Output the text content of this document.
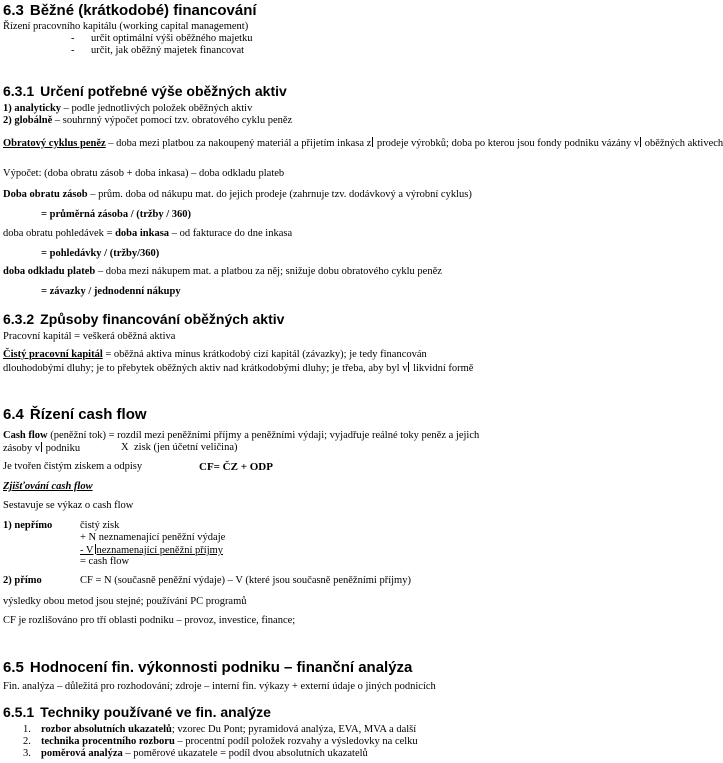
6.3 Běžné (krátkodobé) financování
Řízení pracovního kapitálu (working capital management)
- určit optimální výši oběžného majetku
- určit, jak oběžný majetek financovat
6.3.1 Určení potřebné výše oběžných aktiv
1) analyticky – podle jednotlivých položek oběžných aktiv
2) globálně – souhrnný výpočet pomocí tzv. obratového cyklu peněz
Obratový cyklus peněz – doba mezi platbou za nakoupený materiál a přijetím inkasa z prodeje výrobků; doba po kterou jsou fondy podniku vázány v oběžných aktivech
Výpočet: (doba obratu zásob + doba inkasa) – doba odkladu plateb
Doba obratu zásob – prům. doba od nákupu mat. do jejich prodeje (zahrnuje tzv. dodávkový a výrobní cyklus)
= průměrná zásoba / (tržby / 360)
doba obratu pohledávek = doba inkasa – od fakturace do dne inkasa
= pohledávky / (tržby/360)
doba odkladu plateb – doba mezi nákupem mat. a platbou za něj; snižuje dobu obratového cyklu peněz
= závazky / jednodenní nákupy
6.3.2 Způsoby financování oběžných aktiv
Pracovní kapitál = veškerá oběžná aktiva
Čistý pracovní kapitál = oběžná aktiva minus krátkodobý cizí kapitál (závazky); je tedy financován
dlouhodobými dluhy; je to přebytek oběžných aktiv nad krátkodobými dluhy; je třeba, aby byl v likvidní formě
6.4 Řízení cash flow
Cash flow (peněžní tok) = rozdíl mezi peněžními příjmy a peněžními výdaji; vyjadřuje reálné toky peněz a jejich
zásoby v podniku	X zisk (jen účetní veličina)
Je tvořen čistým ziskem a odpisy	CF= ČZ + ODP
Zjišťování cash flow
Sestavuje se výkaz o cash flow
1) nepřímo	čistý zisk
+ N neznamenající peněžní výdaje
- V neznamenající peněžní příjmy
= cash flow
2) přímo	CF = N (současně peněžní výdaje) – V (které jsou současně peněžními příjmy)
výsledky obou metod jsou stejné; používání PC programů
CF je rozlišováno pro tří oblasti podniku – provoz, investice, finance;
6.5 Hodnocení fin. výkonnosti podniku – finanční analýza
Fin. analýza – důležitá pro rozhodování; zdroje – interní fin. výkazy + externí údaje o jiných podnicích
6.5.1 Techniky používané ve fin. analýze
1. rozbor absolutních ukazatelů; vzorec Du Pont; pyramidová analýza, EVA, MVA a další
2. technika procentního rozboru – procentní podíl položek rozvahy a výsledovky na celku
3. poměrová analýza – poměrové ukazatele = podíl dvou absolutních ukazatelů
